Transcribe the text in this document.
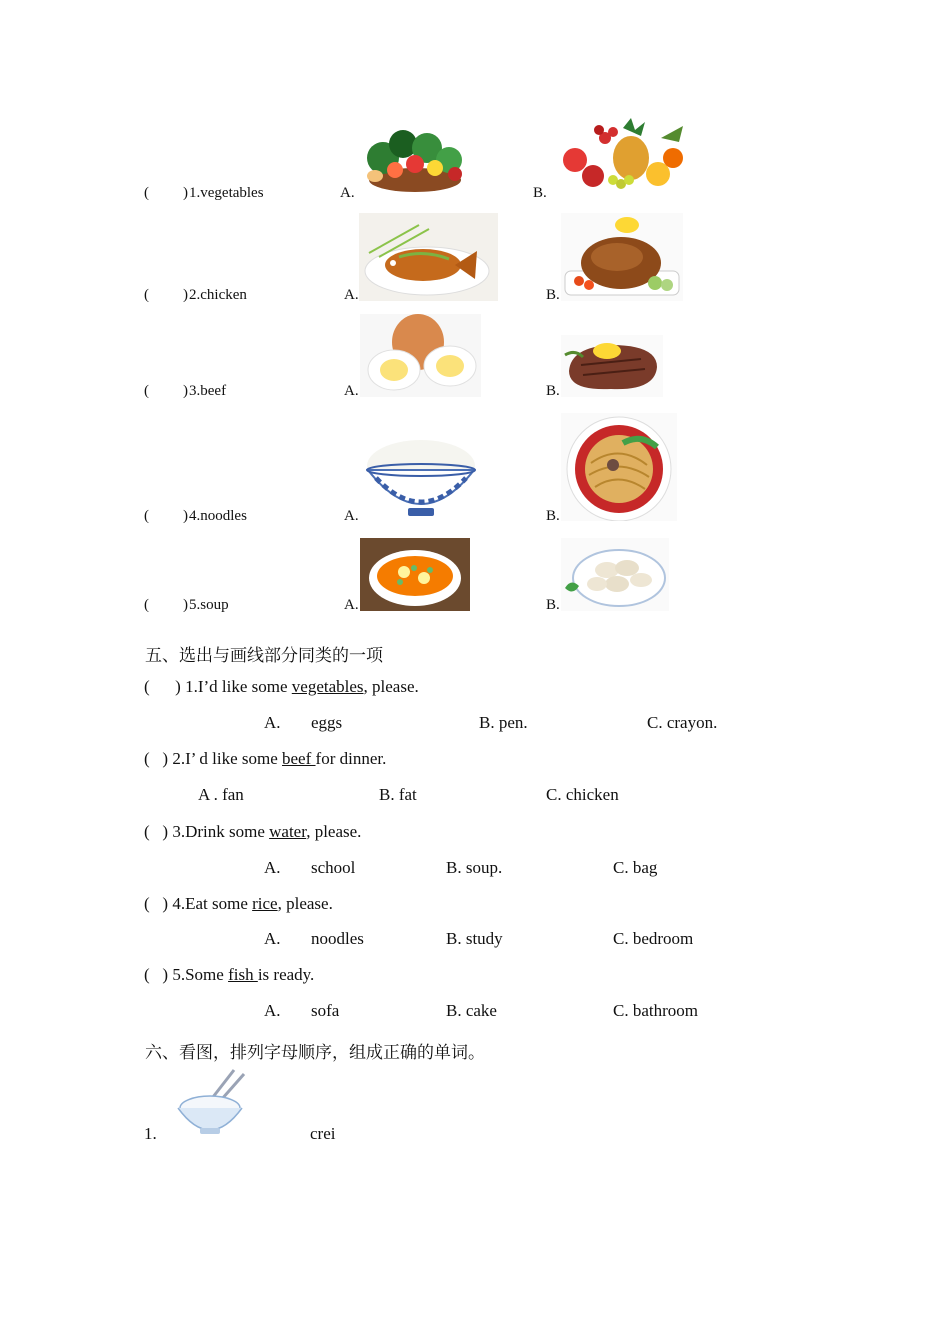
( ) 1.vegetables	A.	B.
( ) 2.chicken	A.	B.
( ) 3.beef	A.	B.
( ) 4.noodles	A.	B.
( ) 5.soup	A.	B.
五、选出与画线部分同类的一项
(      ) 1.I’d like some vegetables, please.
A. eggs	B. pen.	C. crayon.
(   ) 2.I’ d like some beef for dinner.
A . fan	B. fat	C. chicken
(   ) 3.Drink some water, please.
A. school	B. soup.	C. bag
(   ) 4.Eat some rice, please.
A. noodles	B. study	C. bedroom
(   ) 5.Some fish is ready.
A. sofa	B. cake	C. bathroom
六、看图，排列字母顺序，组成正确的单词。
1.	crei
